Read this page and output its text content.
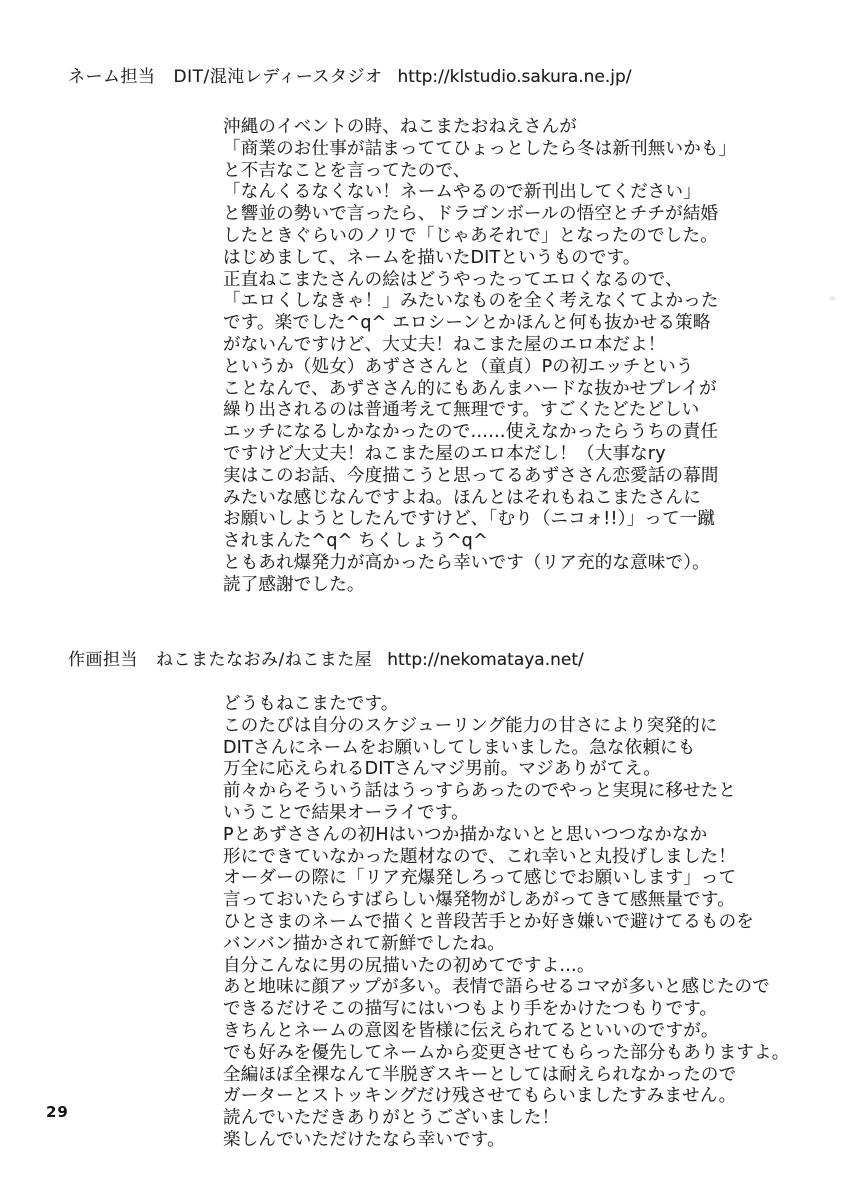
ネーム担当 DIT/混沌レディースタジオ http://klstudio.sakura.ne.jp/
沖縄のイベントの時、ねこまたおねえさんが
「商業のお仕事が詰まっててひょっとしたら冬は新刊無いかも」
と不吉なことを言ってたので、
「なんくるなくない！ネームやるので新刊出してください」
と響並の勢いで言ったら、ドラゴンボールの悟空とチチが結婚
したときぐらいのノリで「じゃあそれで」となったのでした。
はじめまして、ネームを描いたDITというものです。
正直ねこまたさんの絵はどうやったってエロくなるので、
「エロくしなきゃ！」みたいなものを全く考えなくてよかった
です。楽でした^q^ エロシーンとかほんと何も抜かせる策略
がないんですけど、大丈夫！ねこまた屋のエロ本だよ！
というか（処女）あずささんと（童貞）Pの初エッチという
ことなんで、あずささん的にもあんまハードな抜かせプレイが
繰り出されるのは普通考えて無理です。すごくたどたどしい
エッチになるしかなかったので……使えなかったらうちの責任
ですけど大丈夫！ねこまた屋のエロ本だし！（大事なry
実はこのお話、今度描こうと思ってるあずささん恋愛話の幕間
みたいな感じなんですよね。ほんとはそれもねこまたさんに
お願いしようとしたんですけど、「むり（ニコォ!!）」って一蹴
されまんた^q^ ちくしょう^q^
ともあれ爆発力が高かったら幸いです（リア充的な意味で）。
読了感謝でした。
作画担当 ねこまたなおみ/ねこまた屋 http://nekomataya.net/
どうもねこまたです。
このたびは自分のスケジューリング能力の甘さにより突発的に
DITさんにネームをお願いしてしまいました。急な依頼にも
万全に応えられるDITさんマジ男前。マジありがてえ。
前々からそういう話はうっすらあったのでやっと実現に移せたと
いうことで結果オーライです。
Pとあずささんの初Hはいつか描かないとと思いつつなかなか
形にできていなかった題材なので、これ幸いと丸投げしました！
オーダーの際に「リア充爆発しろって感じでお願いします」って
言っておいたらすばらしい爆発物がしあがってきて感無量です。
ひとさまのネームで描くと普段苦手とか好き嫌いで避けてるものを
バンバン描かされて新鮮でしたね。
自分こんなに男の尻描いたの初めてですよ…。
あと地味に顔アップが多い。表情で語らせるコマが多いと感じたので
できるだけそこの描写にはいつもより手をかけたつもりです。
きちんとネームの意図を皆様に伝えられてるといいのですが。
でも好みを優先してネームから変更させてもらった部分もありますよ。
全編ほぼ全裸なんて半脱ぎスキーとしては耐えられなかったので
ガーターとストッキングだけ残させてもらいましたすみません。
読んでいただきありがとうございました！
楽しんでいただけたなら幸いです。
29
